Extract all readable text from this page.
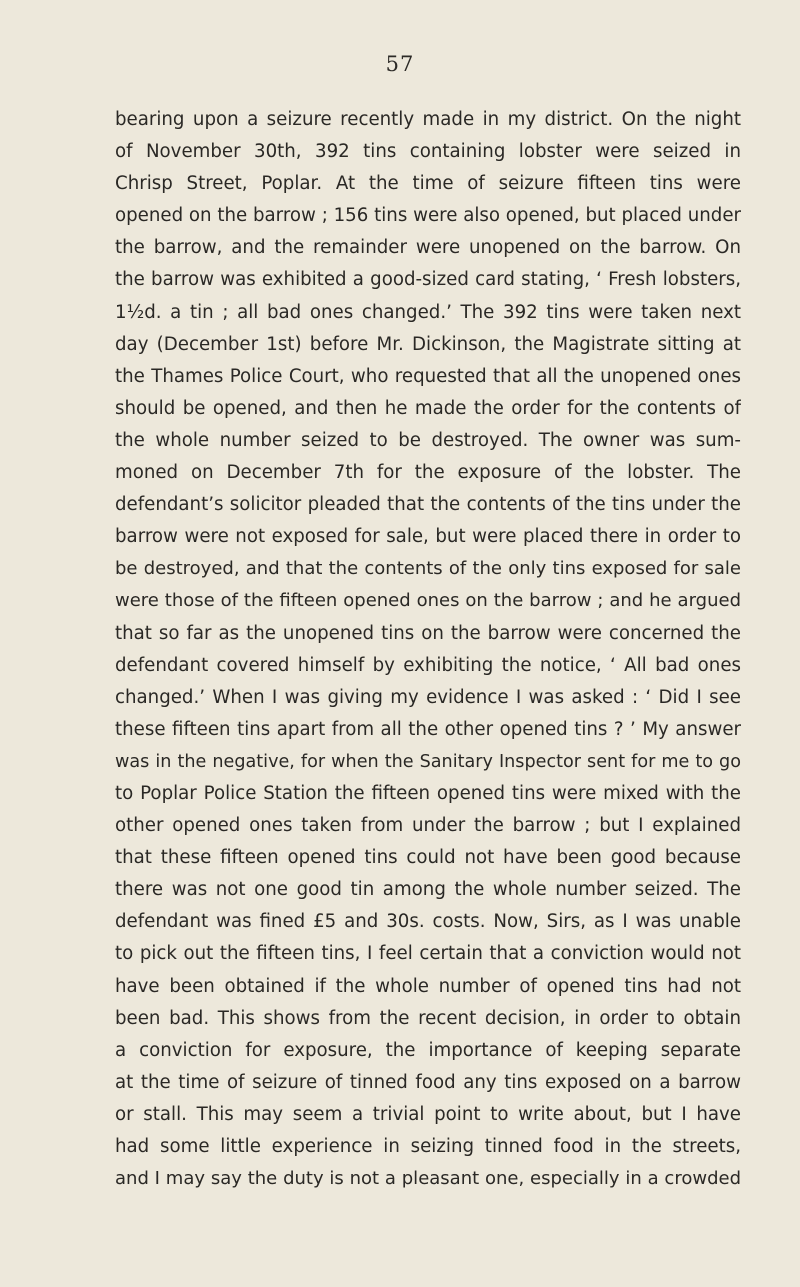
57
bearing upon a seizure recently made in my district. On the night
of November 30th, 392 tins containing lobster were seized in
Chrisp Street, Poplar. At the time of seizure fifteen tins were
opened on the barrow ; 156 tins were also opened, but placed under
the barrow, and the remainder were unopened on the barrow. On
the barrow was exhibited a good-sized card stating, ‘ Fresh lobsters,
1½d. a tin ; all bad ones changed.’ The 392 tins were taken next
day (December 1st) before Mr. Dickinson, the Magistrate sitting at
the Thames Police Court, who requested that all the unopened ones
should be opened, and then he made the order for the contents of
the whole number seized to be destroyed. The owner was sum-
moned on December 7th for the exposure of the lobster. The
defendant’s solicitor pleaded that the contents of the tins under the
barrow were not exposed for sale, but were placed there in order to
be destroyed, and that the contents of the only tins exposed for sale
were those of the fifteen opened ones on the barrow ; and he argued
that so far as the unopened tins on the barrow were concerned the
defendant covered himself by exhibiting the notice, ‘ All bad ones
changed.’ When I was giving my evidence I was asked : ‘ Did I see
these fifteen tins apart from all the other opened tins ? ’ My answer
was in the negative, for when the Sanitary Inspector sent for me to go
to Poplar Police Station the fifteen opened tins were mixed with the
other opened ones taken from under the barrow ; but I explained
that these fifteen opened tins could not have been good because
there was not one good tin among the whole number seized. The
defendant was fined £5 and 30s. costs. Now, Sirs, as I was unable
to pick out the fifteen tins, I feel certain that a conviction would not
have been obtained if the whole number of opened tins had not
been bad. This shows from the recent decision, in order to obtain
a conviction for exposure, the importance of keeping separate
at the time of seizure of tinned food any tins exposed on a barrow
or stall. This may seem a trivial point to write about, but I have
had some little experience in seizing tinned food in the streets,
and I may say the duty is not a pleasant one, especially in a crowded
